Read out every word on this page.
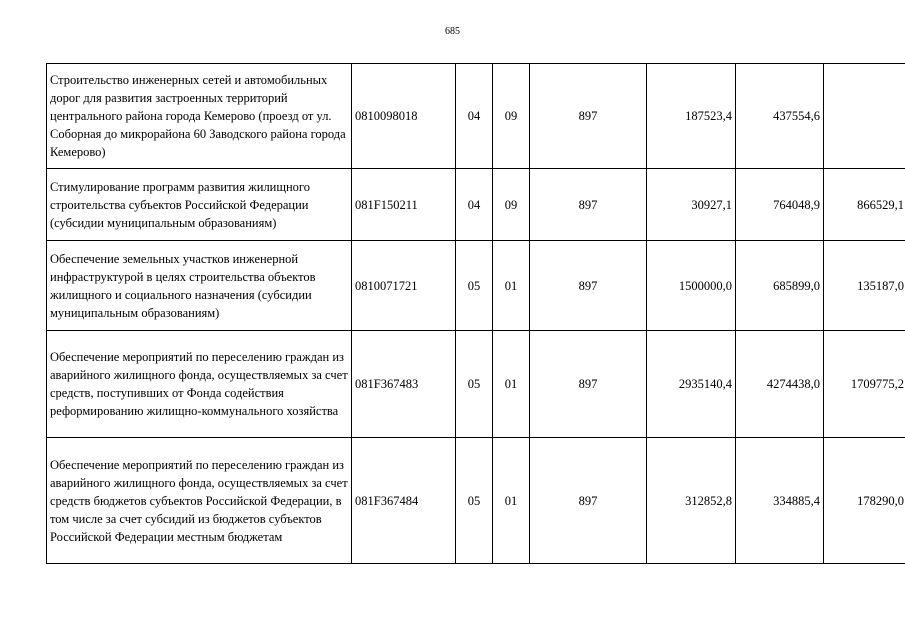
685
Строительство инженерных сетей и автомобильных дорог для развития застроенных территорий центрального района города Кемерово (проезд от ул. Соборная до микрорайона 60 Заводского района города Кемерово)	0810098018	04	09	897	187523,4	437554,6	
Стимулирование программ развития жилищного строительства субъектов Российской Федерации (субсидии муниципальным образованиям)	081F150211	04	09	897	30927,1	764048,9	866529,1
Обеспечение земельных участков инженерной инфраструктурой в целях строительства объектов жилищного и социального назначения (субсидии муниципальным образованиям)	0810071721	05	01	897	1500000,0	685899,0	135187,0
Обеспечение мероприятий по переселению граждан из аварийного жилищного фонда, осуществляемых за счет средств, поступивших от Фонда содействия реформированию жилищно-коммунального хозяйства	081F367483	05	01	897	2935140,4	4274438,0	1709775,2
Обеспечение мероприятий по переселению граждан из аварийного жилищного фонда, осуществляемых за счет средств бюджетов субъектов Российской Федерации, в том числе за счет субсидий из бюджетов субъектов Российской Федерации местным бюджетам	081F367484	05	01	897	312852,8	334885,4	178290,0
